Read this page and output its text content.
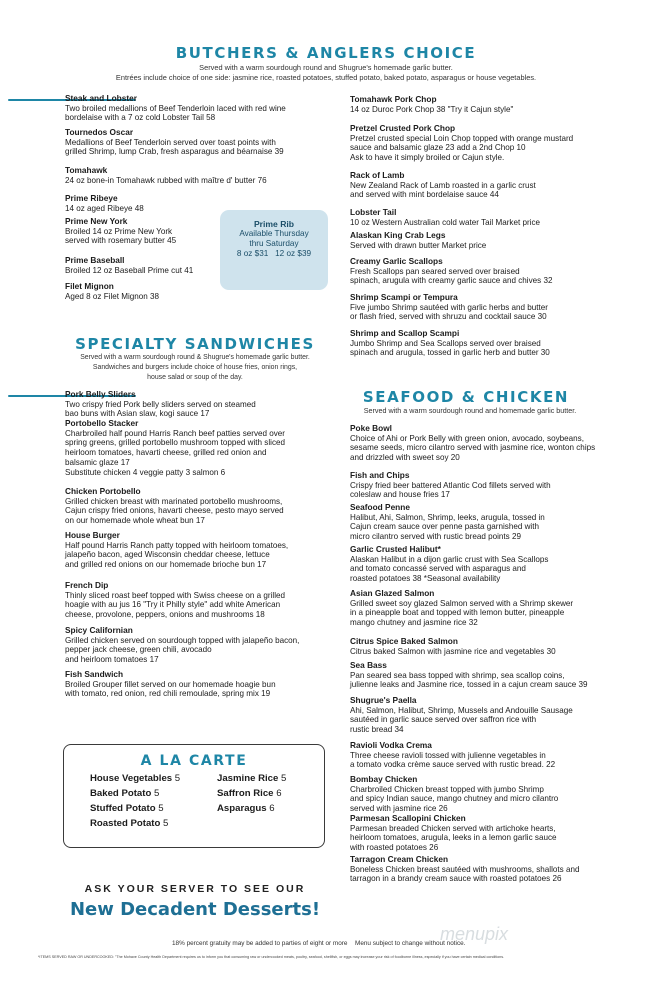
BUTCHERS & ANGLERS CHOICE
Served with a warm sourdough round and Shugrue's homemade garlic butter.
Entrées include choice of one side: jasmine rice, roasted potatoes, stuffed potato, baked potato, asparagus or house vegetables.
Steak and Lobster
Two broiled medallions of Beef Tenderloin laced with red wine
bordelaise with a 7 oz cold Lobster Tail 58
Tournedos Oscar
Medallions of Beef Tenderloin served over toast points with
grilled Shrimp, lump Crab, fresh asparagus and béarnaise 39
Tomahawk
24 oz bone-in Tomahawk rubbed with maître d' butter 76
Prime Ribeye
14 oz aged Ribeye 48
Prime New York
Broiled 14 oz Prime New York
served with rosemary butter 45
Prime Baseball
Broiled 12 oz Baseball Prime cut 41
Filet Mignon
Aged 8 oz Filet Mignon 38
Tomahawk Pork Chop
14 oz Duroc Pork Chop 38 "Try it Cajun style"
Pretzel Crusted Pork Chop
Pretzel crusted special Loin Chop topped with orange mustard
sauce and balsamic glaze 23 add a 2nd Chop 10
Ask to have it simply broiled or Cajun style.
Rack of Lamb
New Zealand Rack of Lamb roasted in a garlic crust
and served with mint bordelaise sauce 44
Lobster Tail
10 oz Western Australian cold water Tail Market price
Alaskan King Crab Legs
Served with drawn butter Market price
Creamy Garlic Scallops
Fresh Scallops pan seared served over braised
spinach, arugula with creamy garlic sauce and chives 32
Shrimp Scampi or Tempura
Five jumbo Shrimp sautéed with garlic herbs and butter
or flash fried, served with shruzu and cocktail sauce 30
Shrimp and Scallop Scampi
Jumbo Shrimp and Sea Scallops served over braised
spinach and arugula, tossed in garlic herb and butter 30
Prime Rib
Available Thursday
thru Saturday
8 oz $31   12 oz $39
SPECIALTY SANDWICHES
Served with a warm sourdough round & Shugrue's homemade garlic butter.
Sandwiches and burgers include choice of house fries, onion rings,
house salad or soup of the day.
Pork Belly Sliders
Two crispy fried Pork belly sliders served on steamed
bao buns with Asian slaw, kogi sauce 17
Portobello Stacker
Charbroiled half pound Harris Ranch beef patties served over
spring greens, grilled portobello mushroom topped with sliced
heirloom tomatoes, havarti cheese, grilled red onion and
balsamic glaze 17
Substitute chicken 4 veggie patty 3 salmon 6
Chicken Portobello
Grilled chicken breast with marinated portobello mushrooms,
Cajun crispy fried onions, havarti cheese, pesto mayo served
on our homemade whole wheat bun 17
House Burger
Half pound Harris Ranch patty topped with heirloom tomatoes,
jalapeño bacon, aged Wisconsin cheddar cheese, lettuce
and grilled red onions on our homemade brioche bun 17
French Dip
Thinly sliced roast beef topped with Swiss cheese on a grilled
hoagie with au jus 16 "Try it Philly style" add white American
cheese, provolone, peppers, onions and mushrooms 18
Spicy Californian
Grilled chicken served on sourdough topped with jalapeño bacon,
pepper jack cheese, green chili, avocado
and heirloom tomatoes 17
Fish Sandwich
Broiled Grouper fillet served on our homemade hoagie bun
with tomato, red onion, red chili remoulade, spring mix 19
SEAFOOD & CHICKEN
Served with a warm sourdough round and homemade garlic butter.
Poke Bowl
Choice of Ahi or Pork Belly with green onion, avocado, soybeans,
sesame seeds, micro cilantro served with jasmine rice, wonton chips
and drizzled with sweet soy 20
Fish and Chips
Crispy fried beer battered Atlantic Cod fillets served with
coleslaw and house fries 17
Seafood Penne
Halibut, Ahi, Salmon, Shrimp, leeks, arugula, tossed in
Cajun cream sauce over penne pasta garnished with
micro cilantro served with rustic bread points 29
Garlic Crusted Halibut*
Alaskan Halibut in a dijon garlic crust with Sea Scallops
and tomato concassé served with asparagus and
roasted potatoes 38 *Seasonal availability
Asian Glazed Salmon
Grilled sweet soy glazed Salmon served with a Shrimp skewer
in a pineapple boat and topped with lemon butter, pineapple
mango chutney and jasmine rice 32
Citrus Spice Baked Salmon
Citrus baked Salmon with jasmine rice and vegetables 30
Sea Bass
Pan seared sea bass topped with shrimp, sea scallop coins,
julienne leaks and Jasmine rice, tossed in a cajun cream sauce 39
Shugrue's Paella
Ahi, Salmon, Halibut, Shrimp, Mussels and Andouille Sausage
sautéed in garlic sauce served over saffron rice with
rustic bread 34
Ravioli Vodka Crema
Three cheese ravioli tossed with julienne vegetables in
a tomato vodka crème sauce served with rustic bread. 22
Bombay Chicken
Charbroiled Chicken breast topped with jumbo Shrimp
and spicy Indian sauce, mango chutney and micro cilantro
served with jasmine rice 26
Parmesan Scallopini Chicken
Parmesan breaded Chicken served with artichoke hearts,
heirloom tomatoes, arugula, leeks in a lemon garlic sauce
with roasted potatoes 26
Tarragon Cream Chicken
Boneless Chicken breast sautéed with mushrooms, shallots and
tarragon in a brandy cream sauce with roasted potatoes 26
A LA CARTE
House Vegetables 5
Baked Potato 5
Stuffed Potato 5
Roasted Potato 5
Jasmine Rice 5
Saffron Rice 6
Asparagus 6
ASK YOUR SERVER TO SEE OUR
New Decadent Desserts!
18% percent gratuity may be added to parties of eight or more Menu subject to change without notice.
*ITEMS SERVED RAW OR UNDERCOOKED: "The Mohave County Health Department requires us to inform you that consuming raw or undercooked meats, poultry, seafood, shellfish, or eggs may increase your risk of foodborne illness, especially if you have certain medical conditions.
menupix
